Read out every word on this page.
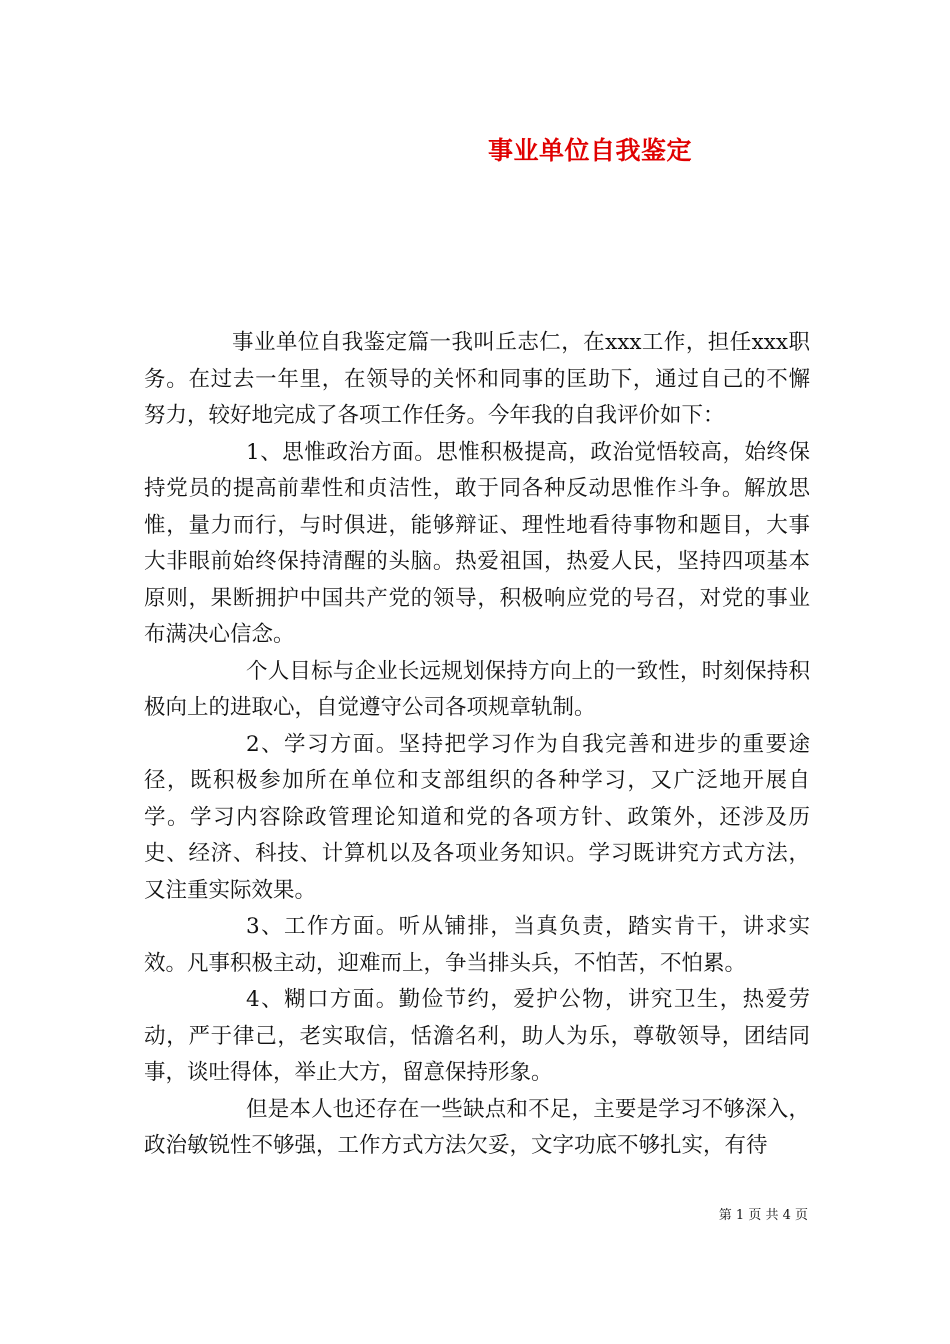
事业单位自我鉴定

事业单位自我鉴定篇一我叫丘志仁，在xxx工作，担任xxx职务。在过去一年里，在领导的关怀和同事的匡助下，通过自己的不懈努力，较好地完成了各项工作任务。今年我的自我评价如下：

1、思惟政治方面。思惟积极提高，政治觉悟较高，始终保持党员的提高前辈性和贞洁性，敢于同各种反动思惟作斗争。解放思惟，量力而行，与时俱进，能够辩证、理性地看待事物和题目，大事大非眼前始终保持清醒的头脑。热爱祖国，热爱人民，坚持四项基本原则，果断拥护中国共产党的领导，积极响应党的号召，对党的事业布满决心信念。

个人目标与企业长远规划保持方向上的一致性，时刻保持积极向上的进取心，自觉遵守公司各项规章轨制。

2、学习方面。坚持把学习作为自我完善和进步的重要途径，既积极参加所在单位和支部组织的各种学习，又广泛地开展自学。学习内容除政管理论知道和党的各项方针、政策外，还涉及历史、经济、科技、计算机以及各项业务知识。学习既讲究方式方法，又注重实际效果。

3、工作方面。听从铺排，当真负责，踏实肯干，讲求实效。凡事积极主动，迎难而上，争当排头兵，不怕苦，不怕累。

4、糊口方面。勤俭节约，爱护公物，讲究卫生，热爱劳动，严于律己，老实取信，恬澹名利，助人为乐，尊敬领导，团结同事，谈吐得体，举止大方，留意保持形象。

但是本人也还存在一些缺点和不足，主要是学习不够深入，政治敏锐性不够强，工作方式方法欠妥，文字功底不够扎实，有待

第 1 页 共 4 页
